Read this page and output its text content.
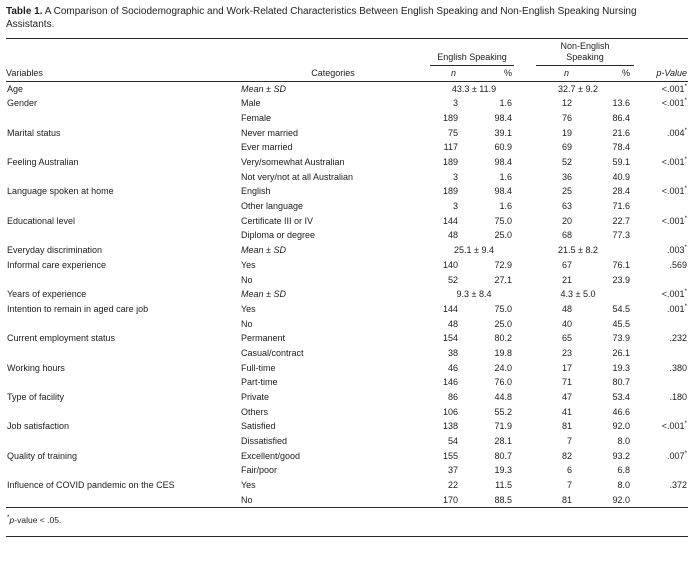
Table 1. A Comparison of Sociodemographic and Work-Related Characteristics Between English Speaking and Non-English Speaking Nursing Assistants.
Variables	Categories	English Speaking		Non-English
Speaking		p-Value
		n	%	n	%	
Age	Mean ± SD	43.3 ± 11.9		32.7 ± 9.2		<.001*
Gender	Male	3	1.6	12	13.6	<.001*
	Female	189	98.4	76	86.4	
Marital status	Never married	75	39.1	19	21.6	.004*
	Ever married	117	60.9	69	78.4	
Feeling Australian	Very/somewhat Australian	189	98.4	52	59.1	<.001*
	Not very/not at all Australian	3	1.6	36	40.9	
Language spoken at home	English	189	98.4	25	28.4	<.001*
	Other language	3	1.6	63	71.6	
Educational level	Certificate III or IV	144	75.0	20	22.7	<.001*
	Diploma or degree	48	25.0	68	77.3	
Everyday discrimination	Mean ± SD	25.1 ± 9.4		21.5 ± 8.2		.003*
Informal care experience	Yes	140	72.9	67	76.1	.569
	No	52	27.1	21	23.9	
Years of experience	Mean ± SD	9.3 ± 8.4		4.3 ± 5.0		<.001*
Intention to remain in aged care job	Yes	144	75.0	48	54.5	.001*
	No	48	25.0	40	45.5	
Current employment status	Permanent	154	80.2	65	73.9	.232
	Casual/contract	38	19.8	23	26.1	
Working hours	Full-time	46	24.0	17	19.3	.380
	Part-time	146	76.0	71	80.7	
Type of facility	Private	86	44.8	47	53.4	.180
	Others	106	55.2	41	46.6	
Job satisfaction	Satisfied	138	71.9	81	92.0	<.001*
	Dissatisfied	54	28.1	7	8.0	
Quality of training	Excellent/good	155	80.7	82	93.2	.007*
	Fair/poor	37	19.3	6	6.8	
Influence of COVID pandemic on the CES	Yes	22	11.5	7	8.0	.372
	No	170	88.5	81	92.0	
*p-value < .05.
